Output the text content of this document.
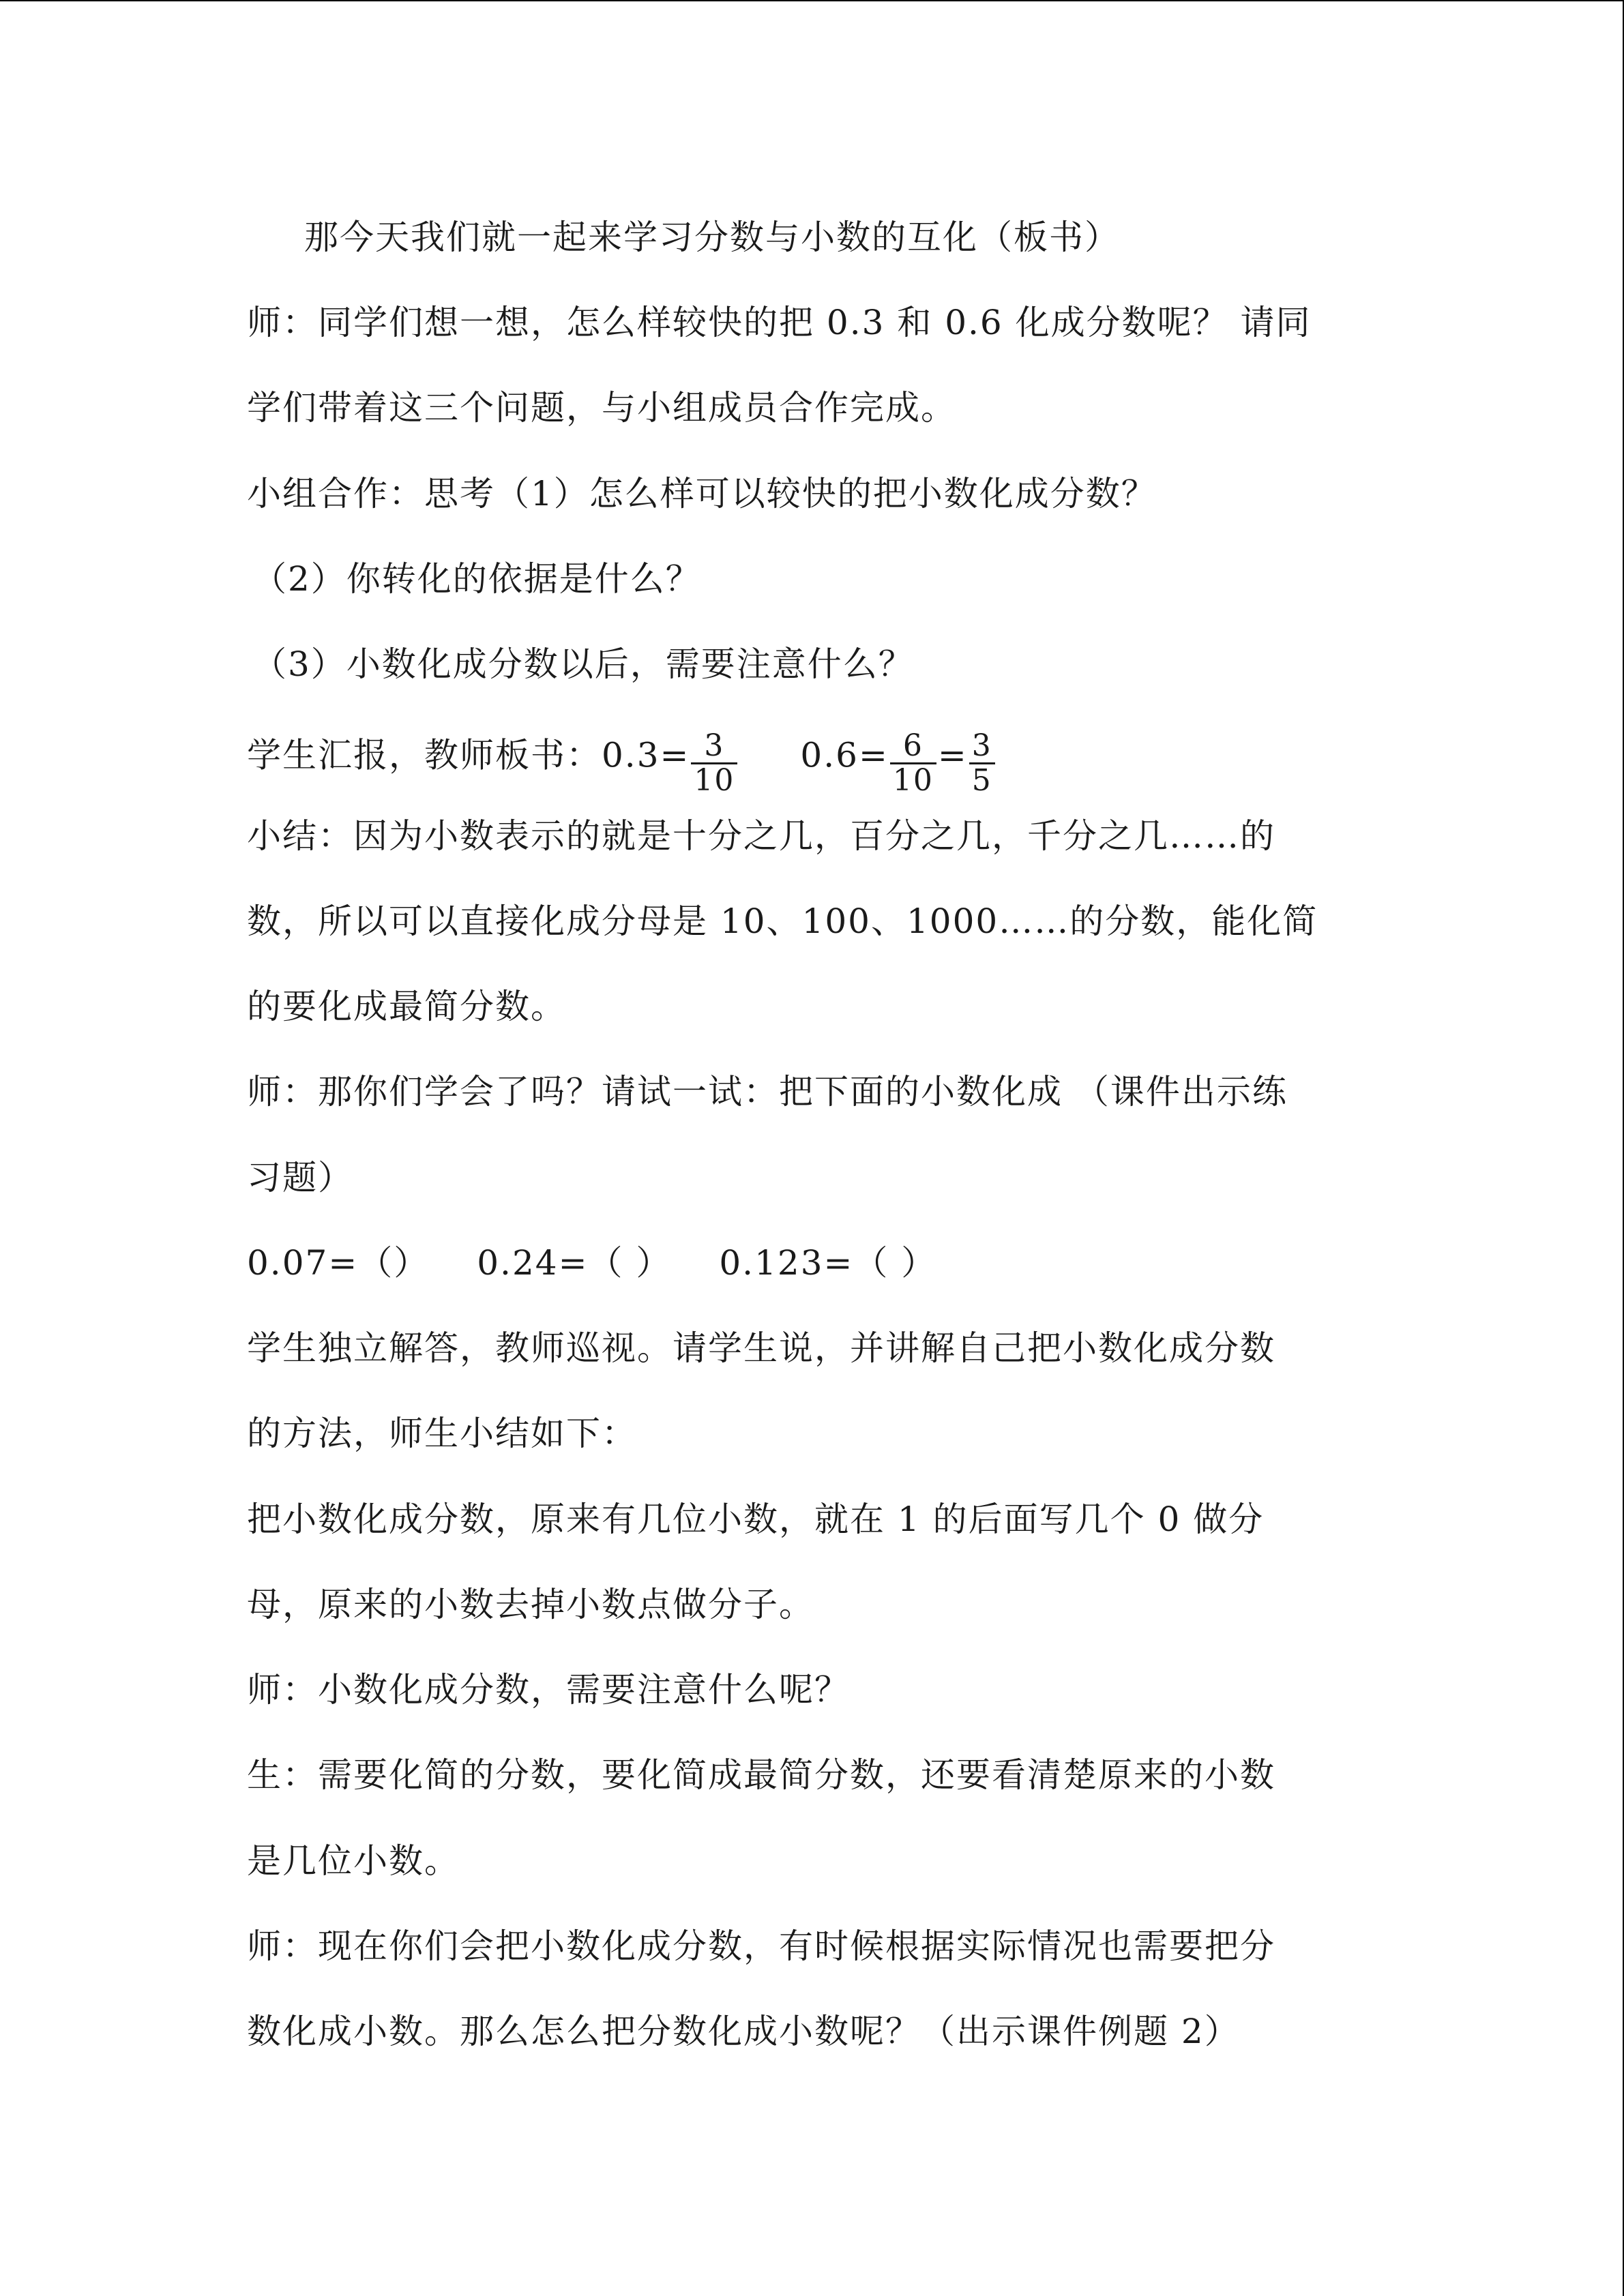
那今天我们就一起来学习分数与小数的互化（板书）
师：同学们想一想，怎么样较快的把 0.3 和 0.6 化成分数呢？ 请同
学们带着这三个问题，与小组成员合作完成。
小组合作：思考（1）怎么样可以较快的把小数化成分数？
（2）你转化的依据是什么？
（3）小数化成分数以后，需要注意什么？
学生汇报，教师板书：$0.3= \frac{3}{10} 0.6= \frac{6}{10} = \frac{3}{5}$
小结：因为小数表示的就是十分之几，百分之几，千分之几……的
数，所以可以直接化成分母是 10、100、1000……的分数，能化简
的要化成最简分数。
师：那你们学会了吗？请试一试：把下面的小数化成 （课件出示练
习题）
0.07=（） 0.24=（ ） 0.123=（ ）
学生独立解答，教师巡视。请学生说，并讲解自己把小数化成分数
的方法，师生小结如下：
把小数化成分数，原来有几位小数，就在 1 的后面写几个 0 做分
母，原来的小数去掉小数点做分子。
师：小数化成分数，需要注意什么呢？
生：需要化简的分数，要化简成最简分数，还要看清楚原来的小数
是几位小数。
师：现在你们会把小数化成分数，有时候根据实际情况也需要把分
数化成小数。那么怎么把分数化成小数呢？（出示课件例题 2）
